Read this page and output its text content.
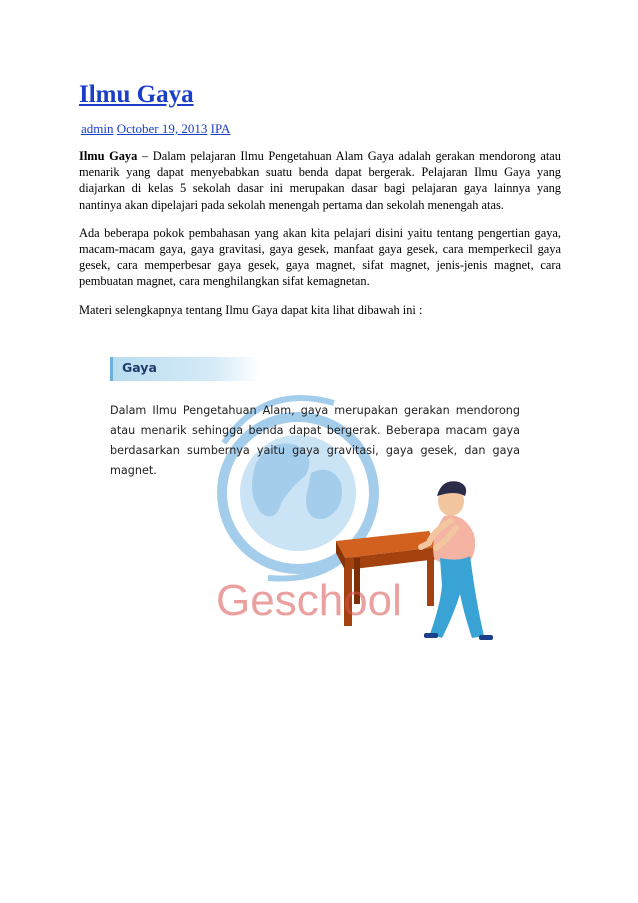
Ilmu Gaya
admin October 19, 2013 IPA

Ilmu Gaya – Dalam pelajaran Ilmu Pengetahuan Alam Gaya adalah gerakan mendorong atau menarik yang dapat menyebabkan suatu benda dapat bergerak. Pelajaran Ilmu Gaya yang diajarkan di kelas 5 sekolah dasar ini merupakan dasar bagi pelajaran gaya lainnya yang nantinya akan dipelajari pada sekolah menengah pertama dan sekolah menengah atas.

Ada beberapa pokok pembahasan yang akan kita pelajari disini yaitu tentang pengertian gaya, macam-macam gaya, gaya gravitasi, gaya gesek, manfaat gaya gesek, cara memperkecil gaya gesek, cara memperbesar gaya gesek, gaya magnet, sifat magnet, jenis-jenis magnet, cara pembuatan magnet, cara menghilangkan sifat kemagnetan.

Materi selengkapnya tentang Ilmu Gaya dapat kita lihat dibawah ini :

Geschool
Gaya
Dalam Ilmu Pengetahuan Alam, gaya merupakan gerakan mendorong atau menarik sehingga benda dapat bergerak. Beberapa macam gaya berdasarkan sumbernya yaitu gaya gravitasi, gaya gesek, dan gaya magnet.
